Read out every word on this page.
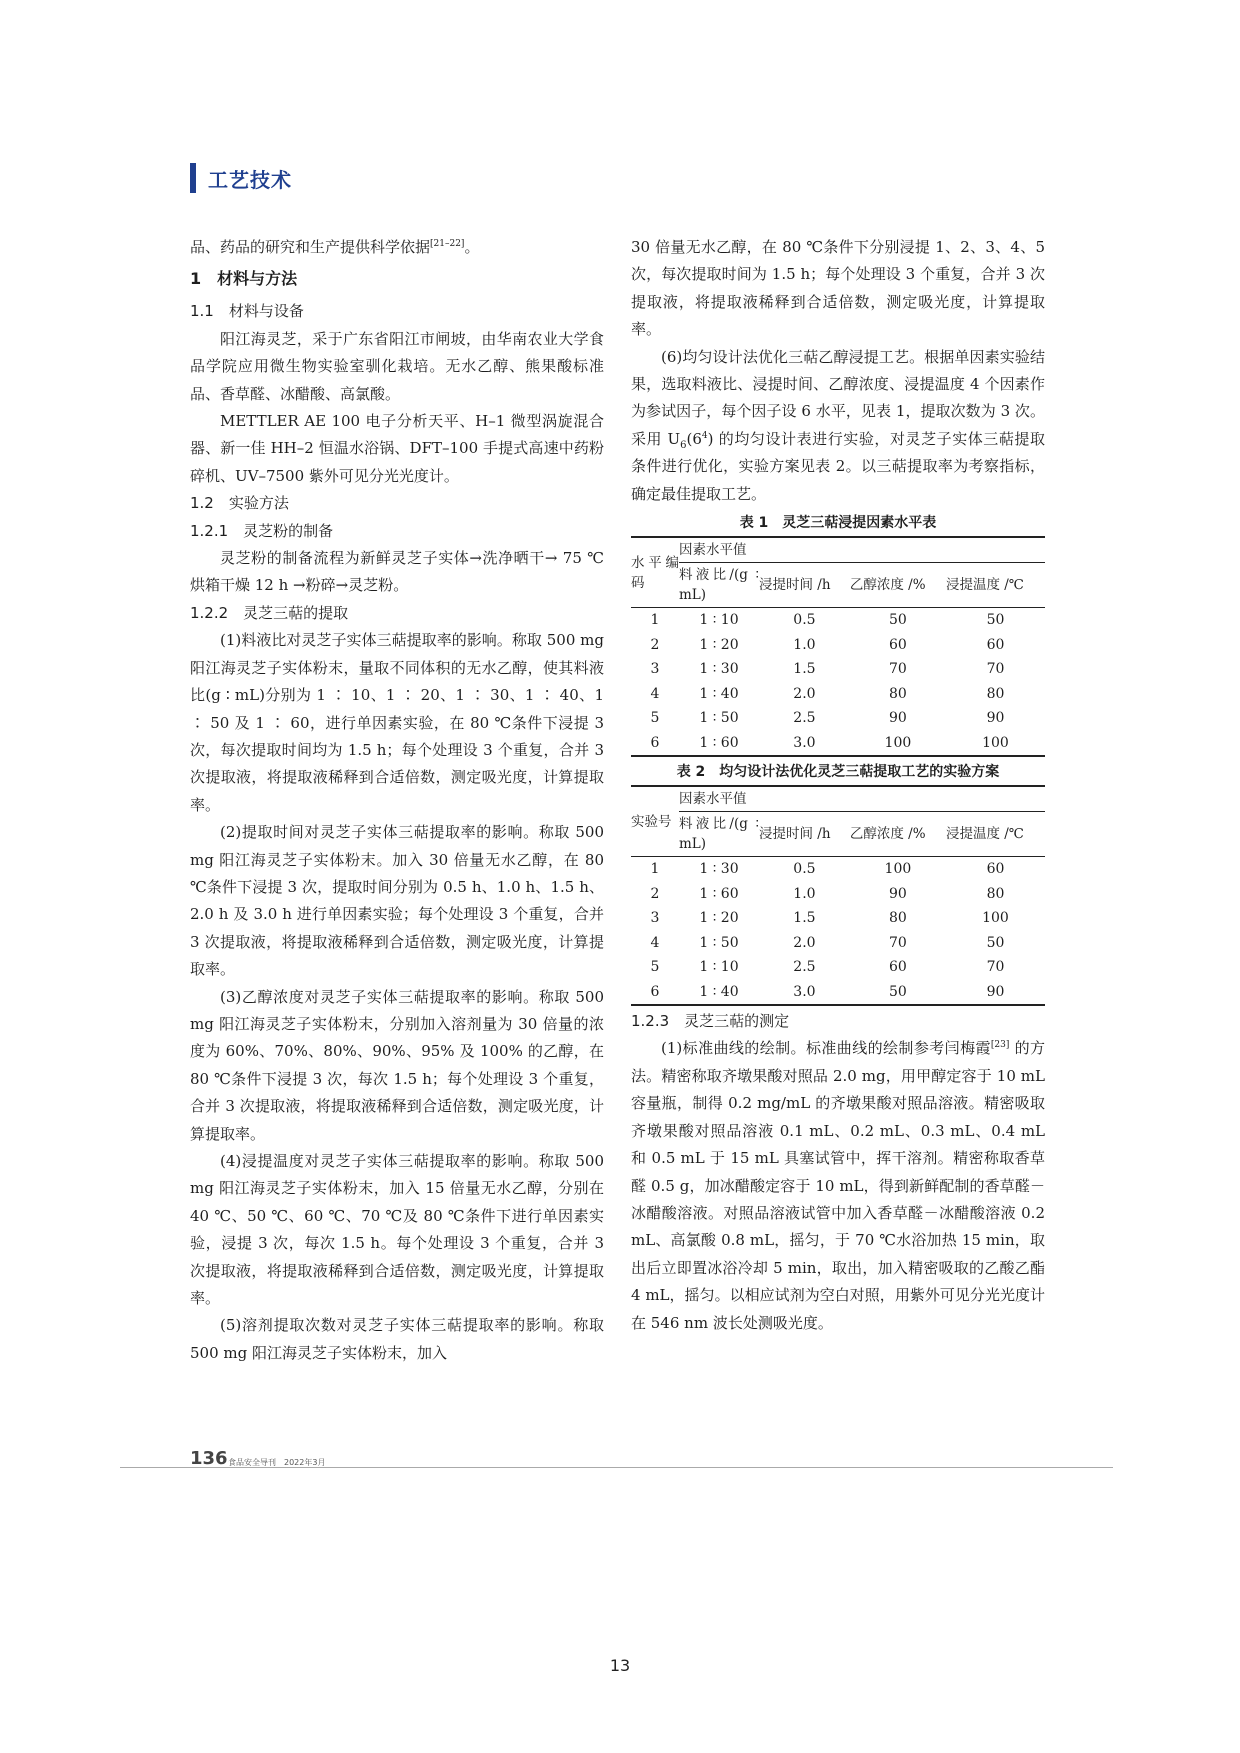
工艺技术

品、药品的研究和生产提供科学依据[21–22]。

1　材料与方法
1.1　材料与设备

阳江海灵芝，采于广东省阳江市闸坡，由华南农业大学食品学院应用微生物实验室驯化栽培。无水乙醇、熊果酸标准品、香草醛、冰醋酸、高氯酸。

METTLER AE 100 电子分析天平、H–1 微型涡旋混合器、新一佳 HH–2 恒温水浴锅、DFT–100 手提式高速中药粉碎机、UV–7500 紫外可见分光光度计。

1.2　实验方法
1.2.1　灵芝粉的制备

灵芝粉的制备流程为新鲜灵芝子实体→洗净晒干→ 75 ℃烘箱干燥 12 h →粉碎→灵芝粉。

1.2.2　灵芝三萜的提取

(1)料液比对灵芝子实体三萜提取率的影响。称取 500 mg 阳江海灵芝子实体粉末，量取不同体积的无水乙醇，使其料液比(g ∶ mL)分别为 1 ∶ 10、1 ∶ 20、1 ∶ 30、1 ∶ 40、1 ∶ 50 及 1 ∶ 60，进行单因素实验，在 80 ℃条件下浸提 3 次，每次提取时间均为 1.5 h；每个处理设 3 个重复，合并 3 次提取液，将提取液稀释到合适倍数，测定吸光度，计算提取率。

(2)提取时间对灵芝子实体三萜提取率的影响。称取 500 mg 阳江海灵芝子实体粉末。加入 30 倍量无水乙醇，在 80 ℃条件下浸提 3 次，提取时间分别为 0.5 h、1.0 h、1.5 h、2.0 h 及 3.0 h 进行单因素实验；每个处理设 3 个重复，合并 3 次提取液，将提取液稀释到合适倍数，测定吸光度，计算提取率。

(3)乙醇浓度对灵芝子实体三萜提取率的影响。称取 500 mg 阳江海灵芝子实体粉末，分别加入溶剂量为 30 倍量的浓度为 60%、70%、80%、90%、95% 及 100% 的乙醇，在 80 ℃条件下浸提 3 次，每次 1.5 h；每个处理设 3 个重复，合并 3 次提取液，将提取液稀释到合适倍数，测定吸光度，计算提取率。

(4)浸提温度对灵芝子实体三萜提取率的影响。称取 500 mg 阳江海灵芝子实体粉末，加入 15 倍量无水乙醇，分别在 40 ℃、50 ℃、60 ℃、70 ℃及 80 ℃条件下进行单因素实验，浸提 3 次，每次 1.5 h。每个处理设 3 个重复，合并 3 次提取液，将提取液稀释到合适倍数，测定吸光度，计算提取率。

(5)溶剂提取次数对灵芝子实体三萜提取率的影响。称取 500 mg 阳江海灵芝子实体粉末，加入

30 倍量无水乙醇，在 80 ℃条件下分别浸提 1、2、3、4、5 次，每次提取时间为 1.5 h；每个处理设 3 个重复，合并 3 次提取液，将提取液稀释到合适倍数，测定吸光度，计算提取率。

(6)均匀设计法优化三萜乙醇浸提工艺。根据单因素实验结果，选取料液比、浸提时间、乙醇浓度、浸提温度 4 个因素作为参试因子，每个因子设 6 水平，见表 1，提取次数为 3 次。采用 $U_6(6^4)$ 的均匀设计表进行实验，对灵芝子实体三萜提取条件进行优化，实验方案见表 2。以三萜提取率为考察指标，确定最佳提取工艺。

表 1　灵芝三萜浸提因素水平表
水平编码	因素水平值			
	料液比/(g ∶ mL)	浸提时间 /h	乙醇浓度 /%	浸提温度 /℃
1	1 ∶ 10	0.5	50	50
2	1 ∶ 20	1.0	60	60
3	1 ∶ 30	1.5	70	70
4	1 ∶ 40	2.0	80	80
5	1 ∶ 50	2.5	90	90
6	1 ∶ 60	3.0	100	100
表 2　均匀设计法优化灵芝三萜提取工艺的实验方案
实验号	因素水平值			
	料液比/(g ∶ mL)	浸提时间 /h	乙醇浓度 /%	浸提温度 /℃
1	1 ∶ 30	0.5	100	60
2	1 ∶ 60	1.0	90	80
3	1 ∶ 20	1.5	80	100
4	1 ∶ 50	2.0	70	50
5	1 ∶ 10	2.5	60	70
6	1 ∶ 40	3.0	50	90
1.2.3　灵芝三萜的测定

(1)标准曲线的绘制。标准曲线的绘制参考闫梅霞[23] 的方法。精密称取齐墩果酸对照品 2.0 mg，用甲醇定容于 10 mL 容量瓶，制得 0.2 mg/mL 的齐墩果酸对照品溶液。精密吸取齐墩果酸对照品溶液 0.1 mL、0.2 mL、0.3 mL、0.4 mL 和 0.5 mL 于 15 mL 具塞试管中，挥干溶剂。精密称取香草醛 0.5 g，加冰醋酸定容于 10 mL，得到新鲜配制的香草醛－冰醋酸溶液。对照品溶液试管中加入香草醛－冰醋酸溶液 0.2 mL、高氯酸 0.8 mL，摇匀，于 70 ℃水浴加热 15 min，取出后立即置冰浴冷却 5 min，取出，加入精密吸取的乙酸乙酯 4 mL，摇匀。以相应试剂为空白对照，用紫外可见分光光度计在 546 nm 波长处测吸光度。

136 食品安全导刊　2022年3月
13
